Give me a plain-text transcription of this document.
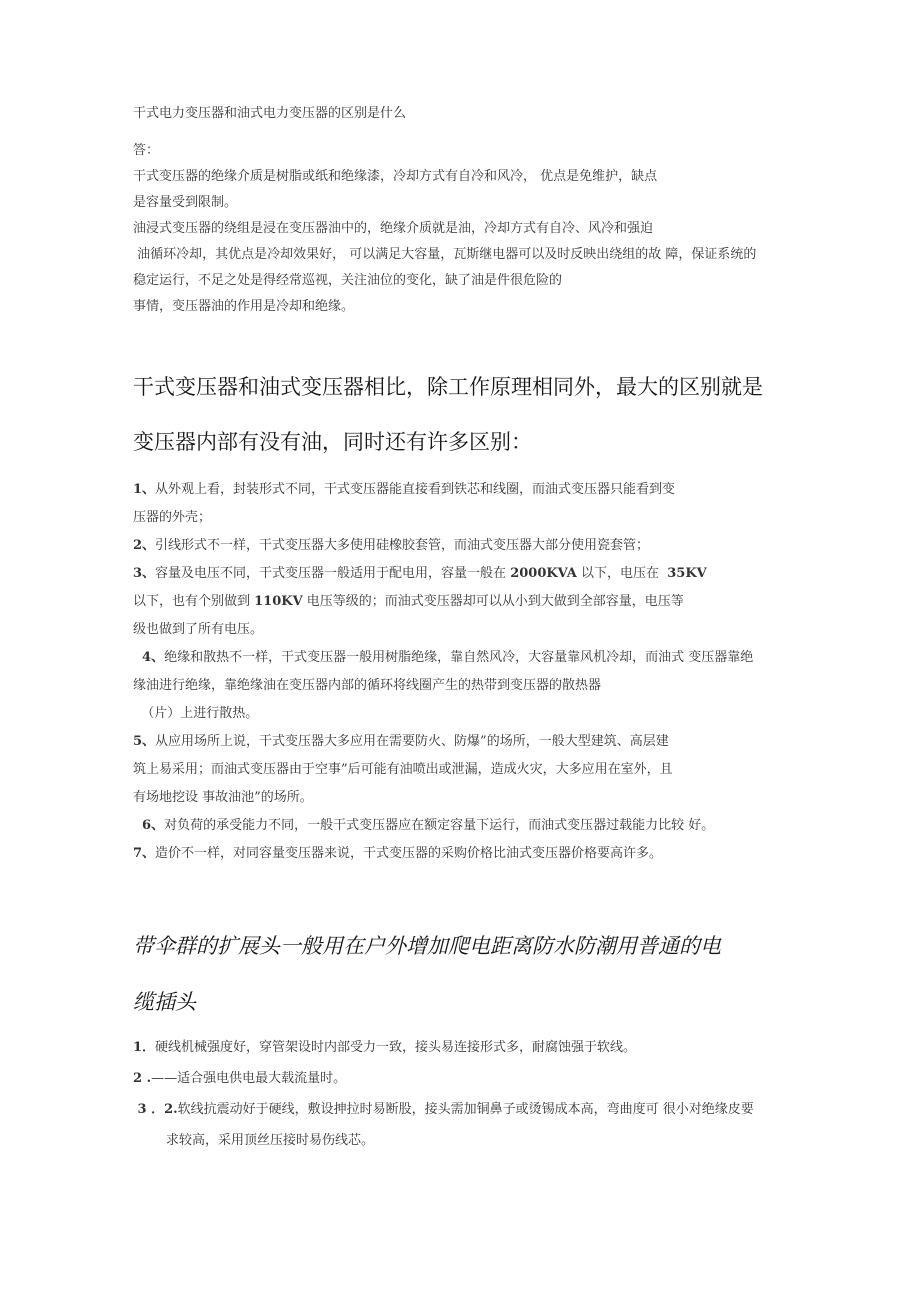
干式电力变压器和油式电力变压器的区别是什么
答：
干式变压器的绝缘介质是树脂或纸和绝缘漆，冷却方式有自冷和风冷， 优点是免维护，缺点
是容量受到限制。
油浸式变压器的绕组是浸在变压器油中的，绝缘介质就是油，冷却方式有自冷、风冷和强迫
油循环冷却，其优点是冷却效果好， 可以满足大容量，瓦斯继电器可以及时反映出绕组的故 障，保证系统的
稳定运行，不足之处是得经常巡视，关注油位的变化，缺了油是件很危险的
事情，变压器油的作用是冷却和绝缘。
干式变压器和油式变压器相比，除工作原理相同外，最大的区别就是
变压器内部有没有油，同时还有许多区别：
1、从外观上看，封装形式不同，干式变压器能直接看到铁芯和线圈，而油式变压器只能看到变
压器的外壳；
2、引线形式不一样，干式变压器大多使用硅橡胶套管，而油式变压器大部分使用瓷套管；
3、容量及电压不同，干式变压器一般适用于配电用，容量一般在 2000KVA 以下，电压在  35KV
以下，也有个别做到 110KV 电压等级的；而油式变压器却可以从小到大做到全部容量，电压等
级也做到了所有电压。
4、绝缘和散热不一样，干式变压器一般用树脂绝缘，靠自然风冷，大容量靠风机冷却，而油式 变压器靠绝
缘油进行绝缘，靠绝缘油在变压器内部的循环将线圈产生的热带到变压器的散热器
（片）上进行散热。
5、从应用场所上说，干式变压器大多应用在需要防火、防爆”的场所，一般大型建筑、高层建
筑上易采用；而油式变压器由于空事”后可能有油喷出或泄漏，造成火灾，大多应用在室外，且
有场地挖设 事故油池”的场所。
6、对负荷的承受能力不同，一般干式变压器应在额定容量下运行，而油式变压器过载能力比较 好。
7、造价不一样，对同容量变压器来说，干式变压器的采购价格比油式变压器价格要高许多。
带伞群的扩展头一般用在户外增加爬电距离防水防潮用普通的电
缆插头
1．硬线机械强度好，穿管架设时内部受力一致，接头易连接形式多，耐腐蚀强于软线。
2 .——适合强电供电最大载流量时。
3 ．2.软线抗震动好于硬线，敷设抻拉时易断股，接头需加铜鼻子或烫锡成本高，弯曲度可 很小对绝缘皮要
求较高，采用顶丝压接时易伤线芯。
